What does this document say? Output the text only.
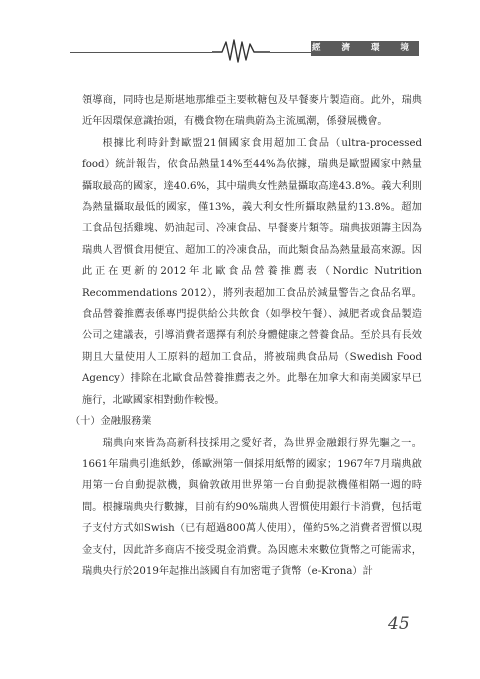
經 濟 環 境

領導商，同時也是斯堪地那維亞主要軟糖包及早餐麥片製造商。此外，瑞典近年因環保意識抬頭，有機食物在瑞典蔚為主流風潮，係發展機會。

根據比利時針對歐盟21個國家食用超加工食品（ultra-processed food）統計報告，依食品熱量14%至44%為依據，瑞典是歐盟國家中熱量攝取最高的國家，達40.6%，其中瑞典女性熱量攝取高達43.8%。義大利則為熱量攝取最低的國家，僅13%，義大利女性所攝取熱量約13.8%。超加工食品包括雞塊、奶油起司、冷凍食品、早餐麥片類等。瑞典拔頭籌主因為瑞典人習慣食用便宜、超加工的冷凍食品，而此類食品為熱量最高來源。因此正在更新的2012年北歐食品營養推薦表（Nordic Nutrition Recommendations 2012），將列表超加工食品於減量警告之食品名單。食品營養推薦表係專門提供給公共飲食（如學校午餐）、減肥者或食品製造公司之建議表，引導消費者選擇有利於身體健康之營養食品。至於具有長效期且大量使用人工原料的超加工食品，將被瑞典食品局（Swedish Food Agency）排除在北歐食品營養推薦表之外。此舉在加拿大和南美國家早已施行，北歐國家相對動作較慢。

（十）金融服務業

瑞典向來皆為高新科技採用之愛好者，為世界金融銀行界先驅之一。1661年瑞典引進紙鈔，係歐洲第一個採用紙幣的國家；1967年7月瑞典啟用第一台自動提款機，與倫敦啟用世界第一台自動提款機僅相隔一週的時間。根據瑞典央行數據，目前有約90%瑞典人習慣使用銀行卡消費，包括電子支付方式如Swish（已有超過800萬人使用），僅約5%之消費者習慣以現金支付，因此許多商店不接受現金消費。為因應未來數位貨幣之可能需求，瑞典央行於2019年起推出該國自有加密電子貨幣（e-Krona）計

45
